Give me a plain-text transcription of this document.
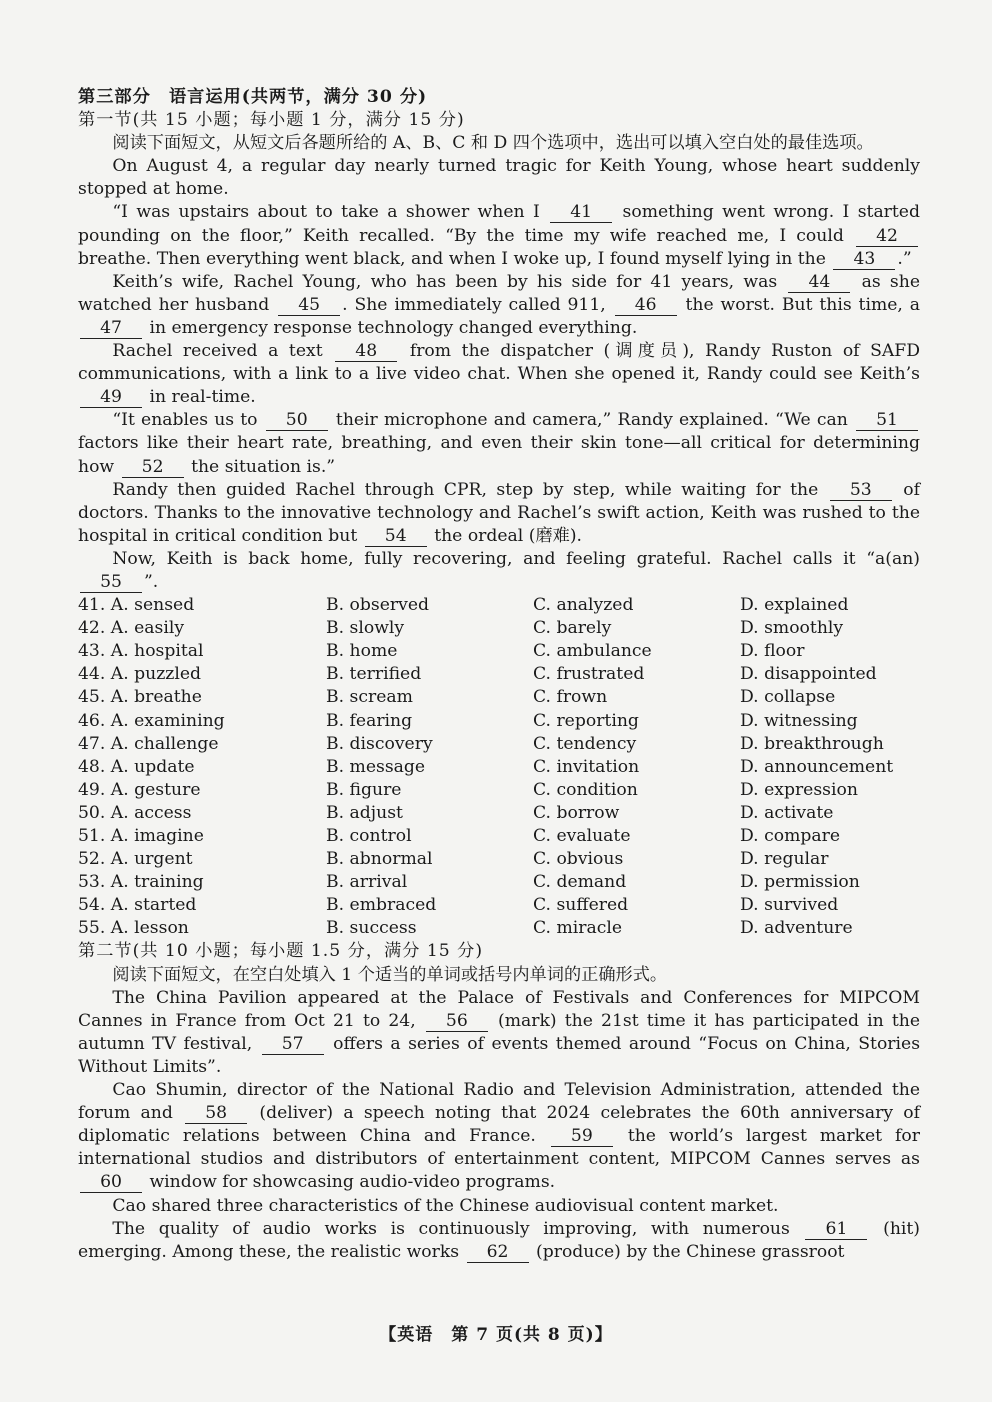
第三部分　语言运用(共两节，满分 30 分)
第一节(共 15 小题；每小题 1 分，满分 15 分)

阅读下面短文，从短文后各题所给的 A、B、C 和 D 四个选项中，选出可以填入空白处的最佳选项。

On August 4, a regular day nearly turned tragic for Keith Young, whose heart suddenly stopped at home.

“I was upstairs about to take a shower when I 41 something went wrong. I started pounding on the floor,” Keith recalled. “By the time my wife reached me, I could 42 breathe. Then everything went black, and when I woke up, I found myself lying in the 43 .”

Keith’s wife, Rachel Young, who has been by his side for 41 years, was 44 as she watched her husband 45 . She immediately called 911, 46 the worst. But this time, a 47 in emergency response technology changed everything.

Rachel received a text 48 from the dispatcher (调度员), Randy Ruston of SAFD communications, with a link to a live video chat. When she opened it, Randy could see Keith’s 49 in real-time.

“It enables us to 50 their microphone and camera,” Randy explained. “We can 51 factors like their heart rate, breathing, and even their skin tone—all critical for determining how 52 the situation is.”

Randy then guided Rachel through CPR, step by step, while waiting for the 53 of doctors. Thanks to the innovative technology and Rachel’s swift action, Keith was rushed to the hospital in critical condition but 54 the ordeal (磨难).

Now, Keith is back home, fully recovering, and feeling grateful. Rachel calls it “a(an) 55 ”.

41. A. sensed	B. observed	C. analyzed	D. explained
42. A. easily	B. slowly	C. barely	D. smoothly
43. A. hospital	B. home	C. ambulance	D. floor
44. A. puzzled	B. terrified	C. frustrated	D. disappointed
45. A. breathe	B. scream	C. frown	D. collapse
46. A. examining	B. fearing	C. reporting	D. witnessing
47. A. challenge	B. discovery	C. tendency	D. breakthrough
48. A. update	B. message	C. invitation	D. announcement
49. A. gesture	B. figure	C. condition	D. expression
50. A. access	B. adjust	C. borrow	D. activate
51. A. imagine	B. control	C. evaluate	D. compare
52. A. urgent	B. abnormal	C. obvious	D. regular
53. A. training	B. arrival	C. demand	D. permission
54. A. started	B. embraced	C. suffered	D. survived
55. A. lesson	B. success	C. miracle	D. adventure
第二节(共 10 小题；每小题 1.5 分，满分 15 分)

阅读下面短文，在空白处填入 1 个适当的单词或括号内单词的正确形式。

The China Pavilion appeared at the Palace of Festivals and Conferences for MIPCOM Cannes in France from Oct 21 to 24, 56 (mark) the 21st time it has participated in the autumn TV festival, 57 offers a series of events themed around “Focus on China, Stories Without Limits”.

Cao Shumin, director of the National Radio and Television Administration, attended the forum and 58 (deliver) a speech noting that 2024 celebrates the 60th anniversary of diplomatic relations between China and France. 59 the world’s largest market for international studios and distributors of entertainment content, MIPCOM Cannes serves as 60 window for showcasing audio-video programs.

Cao shared three characteristics of the Chinese audiovisual content market.

The quality of audio works is continuously improving, with numerous 61 (hit) emerging. Among these, the realistic works 62 (produce) by the Chinese grassroot

【英语　第 7 页(共 8 页)】
